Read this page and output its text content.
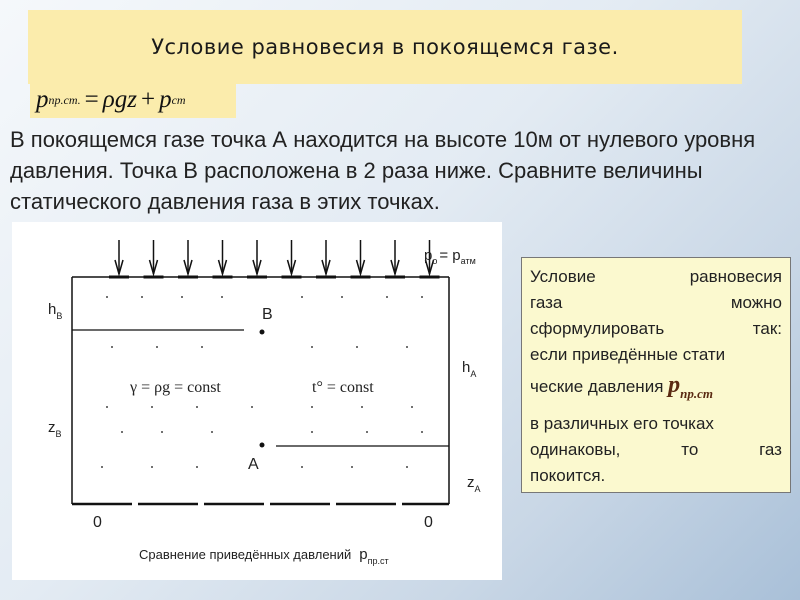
Условие равновесия в покоящемся газе.
p пр.ст. = ρgz + p ст
В покоящемся газе точка А находится на высоте 10м от нулевого уровня давления. Точка В расположена в 2 раза ниже. Сравните величины статического давления газа в этих точках.
B
A
$p_о = p_{атм}$
$h_B$
$z_B$
$h_A$
$z_A$
γ = ρg = const	t° = const
0	0
Сравнение приведённых давлений $p_{пр.ст}$
Условие	равновесия
газа	можно
сформулировать	так:
если приведённые стати
ческие давления $p_{пр.ст}$
в различных его точках
одинаковы,	то	газ
покоится.
